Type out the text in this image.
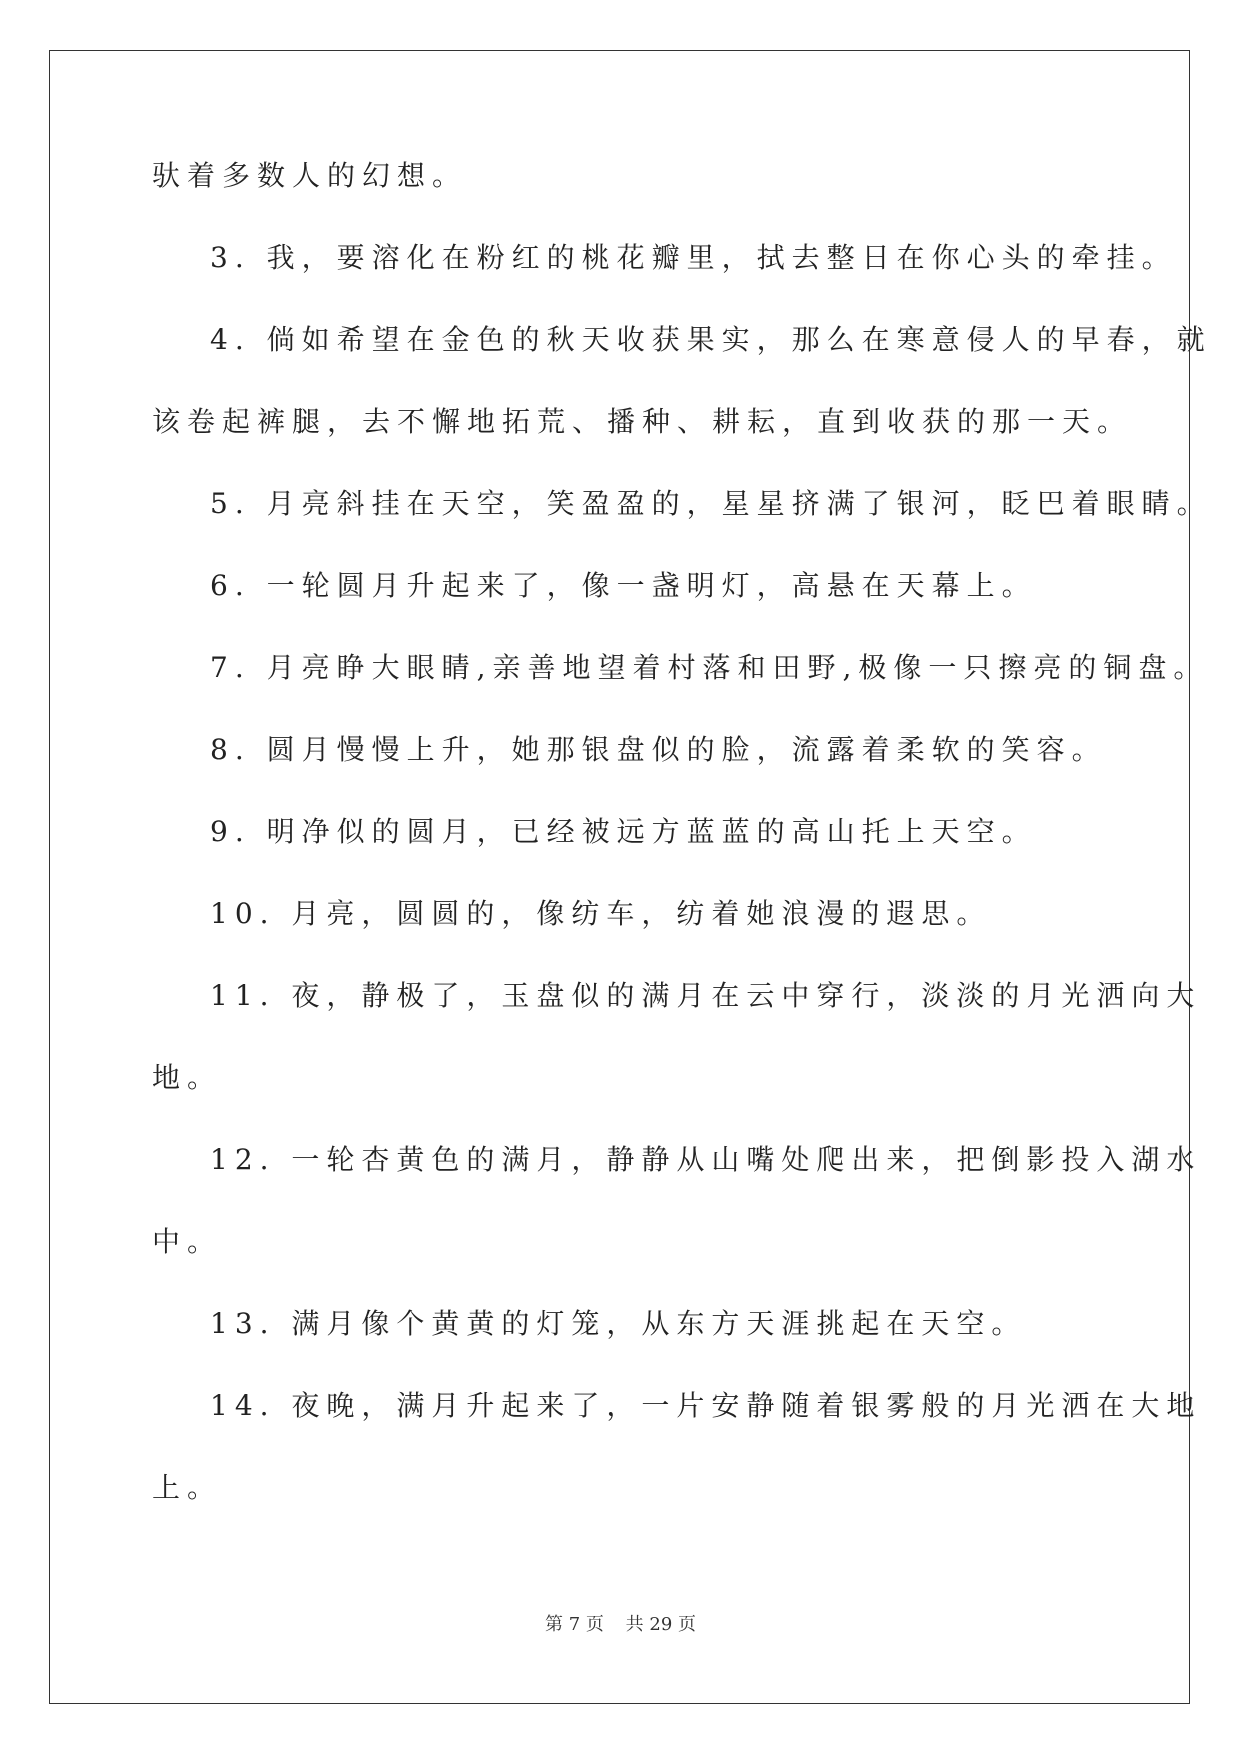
驮着多数人的幻想。
3. 我，要溶化在粉红的桃花瓣里，拭去整日在你心头的牵挂。
4. 倘如希望在金色的秋天收获果实，那么在寒意侵人的早春，就
该卷起裤腿，去不懈地拓荒、播种、耕耘，直到收获的那一天。
5. 月亮斜挂在天空，笑盈盈的，星星挤满了银河，眨巴着眼睛。
6. 一轮圆月升起来了，像一盏明灯，高悬在天幕上。
7. 月亮睁大眼睛,亲善地望着村落和田野,极像一只擦亮的铜盘。
8. 圆月慢慢上升，她那银盘似的脸，流露着柔软的笑容。
9. 明净似的圆月，已经被远方蓝蓝的高山托上天空。
10. 月亮，圆圆的，像纺车，纺着她浪漫的遐思。
11. 夜，静极了，玉盘似的满月在云中穿行，淡淡的月光洒向大
地。
12. 一轮杏黄色的满月，静静从山嘴处爬出来，把倒影投入湖水
中。
13. 满月像个黄黄的灯笼，从东方天涯挑起在天空。
14. 夜晚，满月升起来了，一片安静随着银雾般的月光洒在大地
上。
第 7 页 共 29 页
